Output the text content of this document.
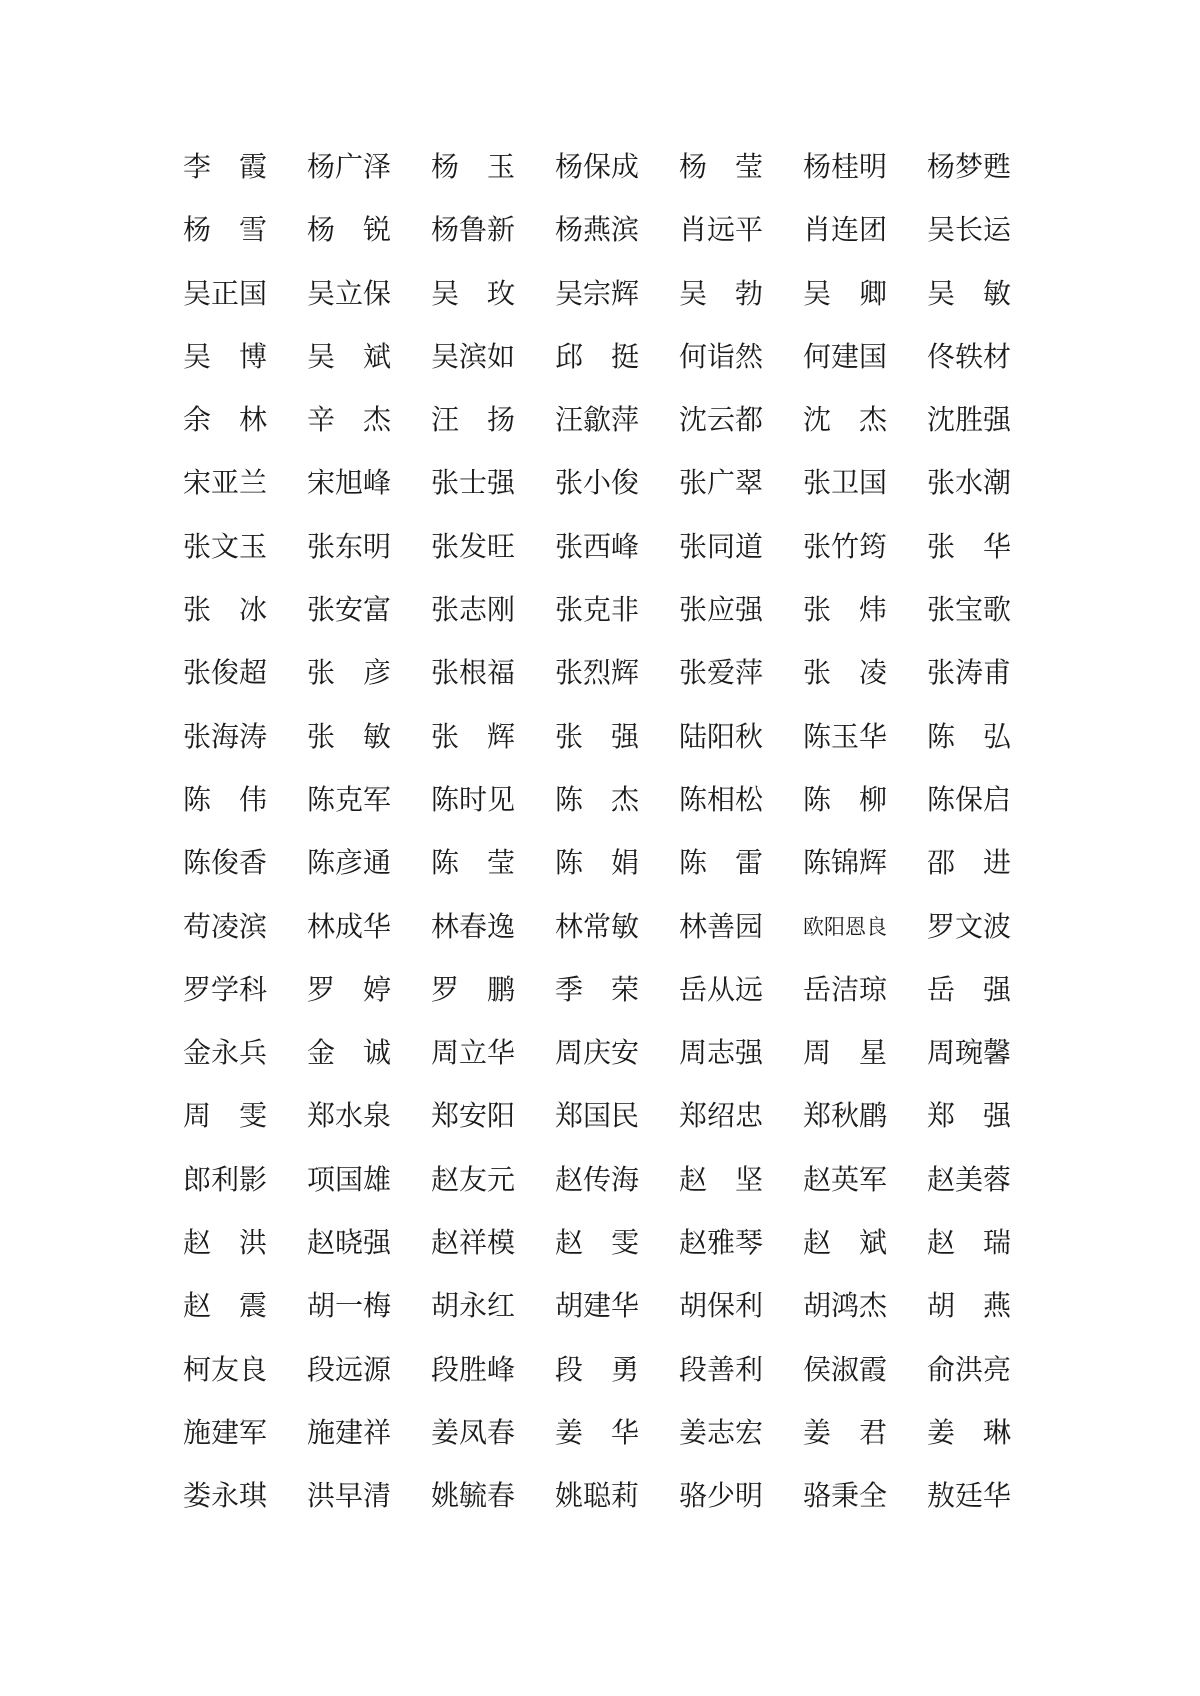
李 霞 杨广泽 杨 玉 杨保成 杨 莹 杨桂明 杨梦甦
杨 雪 杨 锐 杨鲁新 杨燕滨 肖远平 肖连团 吴长运
吴正国 吴立保 吴 玫 吴宗辉 吴 勃 吴 卿 吴 敏
吴 博 吴 斌 吴滨如 邱 挺 何诣然 何建国 佟轶材
余 林 辛 杰 汪 扬 汪歙萍 沈云都 沈 杰 沈胜强
宋亚兰 宋旭峰 张士强 张小俊 张广翠 张卫国 张水潮
张文玉 张东明 张发旺 张西峰 张同道 张竹筠 张 华
张 冰 张安富 张志刚 张克非 张应强 张 炜 张宝歌
张俊超 张 彦 张根福 张烈辉 张爱萍 张 凌 张涛甫
张海涛 张 敏 张 辉 张 强 陆阳秋 陈玉华 陈 弘
陈 伟 陈克军 陈时见 陈 杰 陈相松 陈 柳 陈保启
陈俊香 陈彦通 陈 莹 陈 娟 陈 雷 陈锦辉 邵 进
苟凌滨 林成华 林春逸 林常敏 林善园 欧阳恩良 罗文波
罗学科 罗 婷 罗 鹏 季 荣 岳从远 岳洁琼 岳 强
金永兵 金 诚 周立华 周庆安 周志强 周 星 周琬馨
周 雯 郑水泉 郑安阳 郑国民 郑绍忠 郑秋鹛 郑 强
郎利影 项国雄 赵友元 赵传海 赵 坚 赵英军 赵美蓉
赵 洪 赵晓强 赵祥模 赵 雯 赵雅琴 赵 斌 赵 瑞
赵 震 胡一梅 胡永红 胡建华 胡保利 胡鸿杰 胡 燕
柯友良 段远源 段胜峰 段 勇 段善利 侯淑霞 俞洪亮
施建军 施建祥 姜凤春 姜 华 姜志宏 姜 君 姜 琳
娄永琪 洪早清 姚毓春 姚聪莉 骆少明 骆秉全 敖廷华
